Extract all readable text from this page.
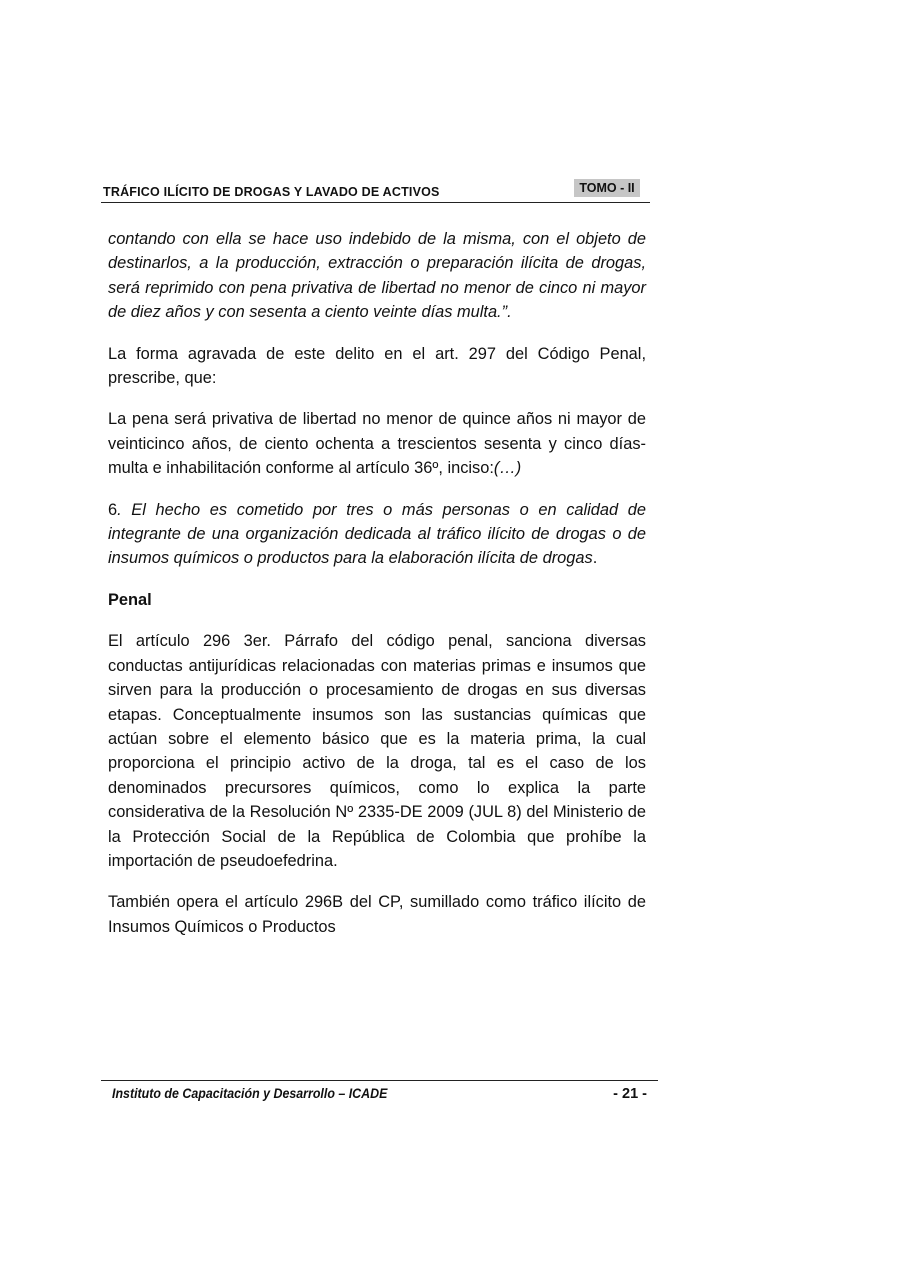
TRÁFICO ILÍCITO DE DROGAS Y LAVADO DE ACTIVOS	TOMO - II

contando con ella se hace uso indebido de la misma, con el objeto de destinarlos, a la producción, extracción o preparación ilícita de drogas, será reprimido con pena privativa de libertad no menor de cinco ni mayor de diez años y con sesenta a ciento veinte días multa.”.

La forma agravada de este delito en el art. 297 del Código Penal, prescribe, que:

La pena será privativa de libertad no menor de quince años ni mayor de veinticinco años, de ciento ochenta a trescientos sesenta y cinco días-multa e inhabilitación conforme al artículo 36º, inciso:(…)

6. El hecho es cometido por tres o más personas o en calidad de integrante de una organización dedicada al tráfico ilícito de drogas o de insumos químicos o productos para la elaboración ilícita de drogas.

Penal

El artículo 296 3er. Párrafo del código penal, sanciona diversas conductas antijurídicas relacionadas con materias primas e insumos que sirven para la producción o procesamiento de drogas en sus diversas etapas. Conceptualmente insumos son las sustancias químicas que actúan sobre el elemento básico que es la materia prima, la cual proporciona el principio activo de la droga, tal es el caso de los denominados precursores químicos, como lo explica la parte considerativa de la Resolución Nº 2335-DE 2009 (JUL 8) del Ministerio de la Protección Social de la República de Colombia que prohíbe la importación de pseudoefedrina.

También opera el artículo 296B del CP, sumillado como tráfico ilícito de Insumos Químicos o Productos

Instituto de Capacitación y Desarrollo – ICADE	- 21 -
